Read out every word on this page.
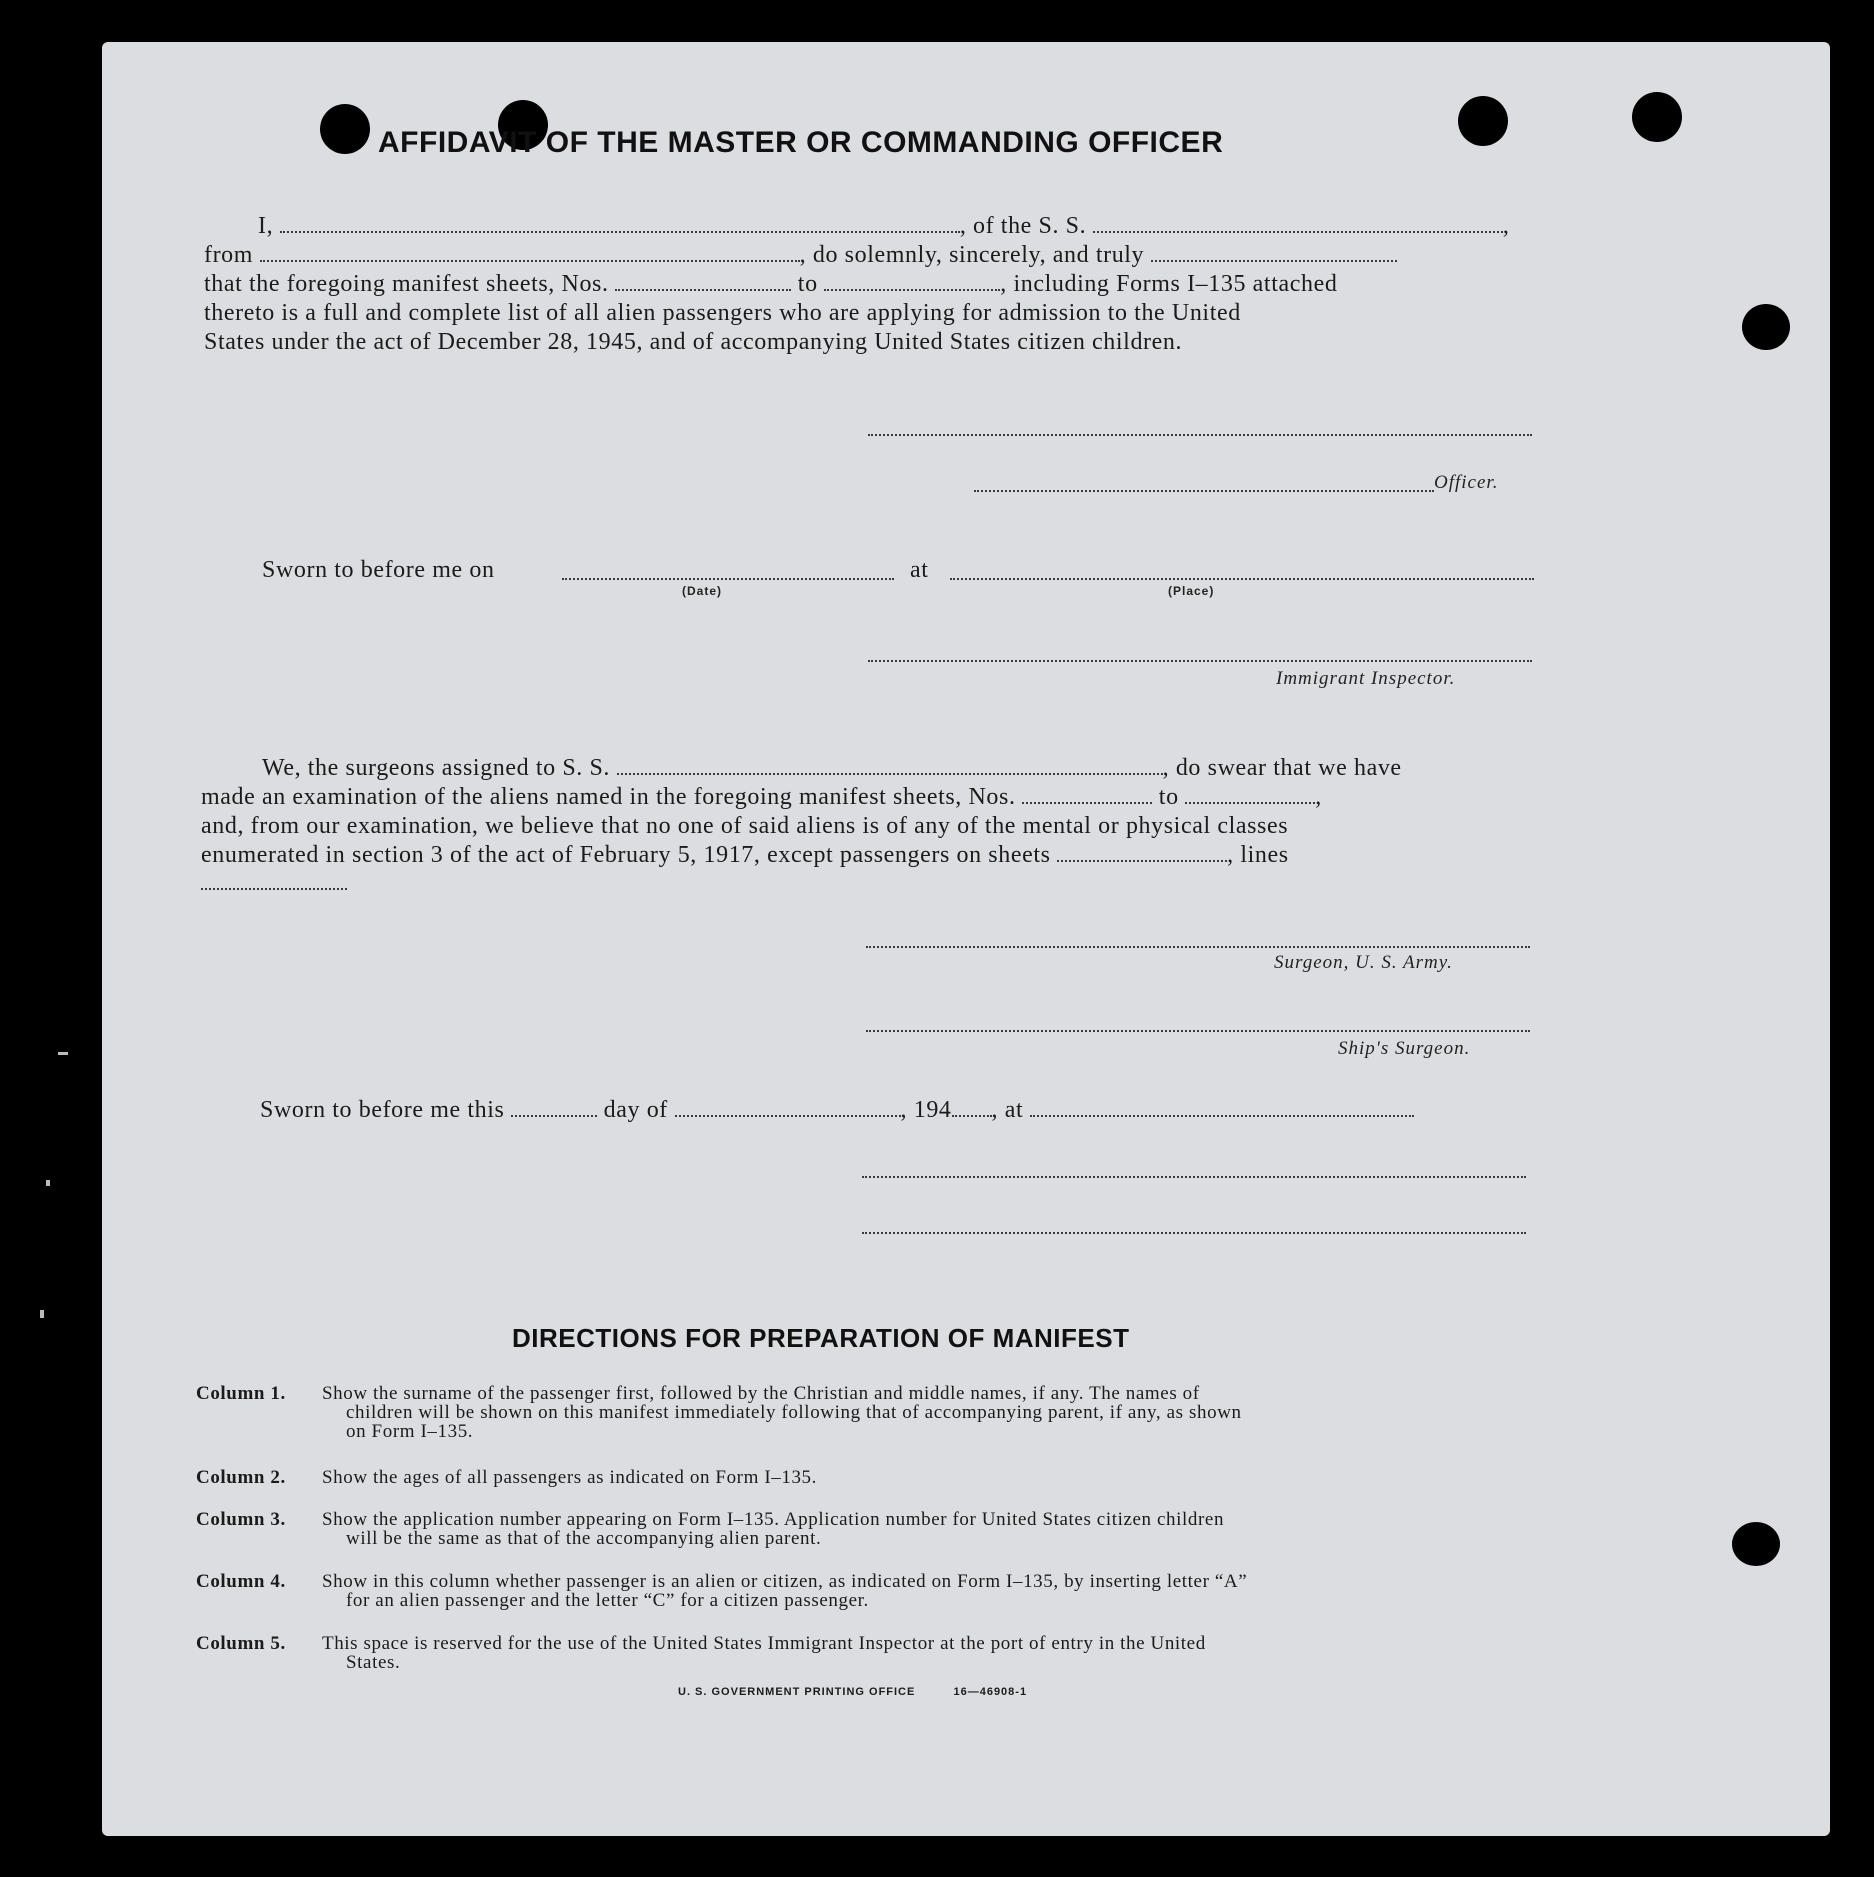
AFFIDAVIT OF THE MASTER OR COMMANDING OFFICER
I,	, of the S. S.	,
from	, do solemnly, sincerely, and truly
that the foregoing manifest sheets, Nos.	to	, including Forms I–135 attached
thereto is a full and complete list of all alien passengers who are applying for admission to the United
States under the act of December 28, 1945, and of accompanying United States citizen children.
Officer.
Sworn to before me on
(Date)
at
(Place)
Immigrant Inspector.
We, the surgeons assigned to S. S.	, do swear that we have
made an examination of the aliens named in the foregoing manifest sheets, Nos.	to	,
and, from our examination, we believe that no one of said aliens is of any of the mental or physical classes
enumerated in section 3 of the act of February 5, 1917, except passengers on sheets	, lines
Surgeon, U. S. Army.
Ship's Surgeon.
Sworn to before me this	day of	, 194 , at
DIRECTIONS FOR PREPARATION OF MANIFEST
Column 1. Show the surname of the passenger first, followed by the Christian and middle names, if any. The names of
children will be shown on this manifest immediately following that of accompanying parent, if any, as shown
on Form I–135.
Column 2. Show the ages of all passengers as indicated on Form I–135.
Column 3. Show the application number appearing on Form I–135. Application number for United States citizen children
will be the same as that of the accompanying alien parent.
Column 4. Show in this column whether passenger is an alien or citizen, as indicated on Form I–135, by inserting letter “A”
for an alien passenger and the letter “C” for a citizen passenger.
Column 5. This space is reserved for the use of the United States Immigrant Inspector at the port of entry in the United
States.
U. S. GOVERNMENT PRINTING OFFICE	16—46908-1
